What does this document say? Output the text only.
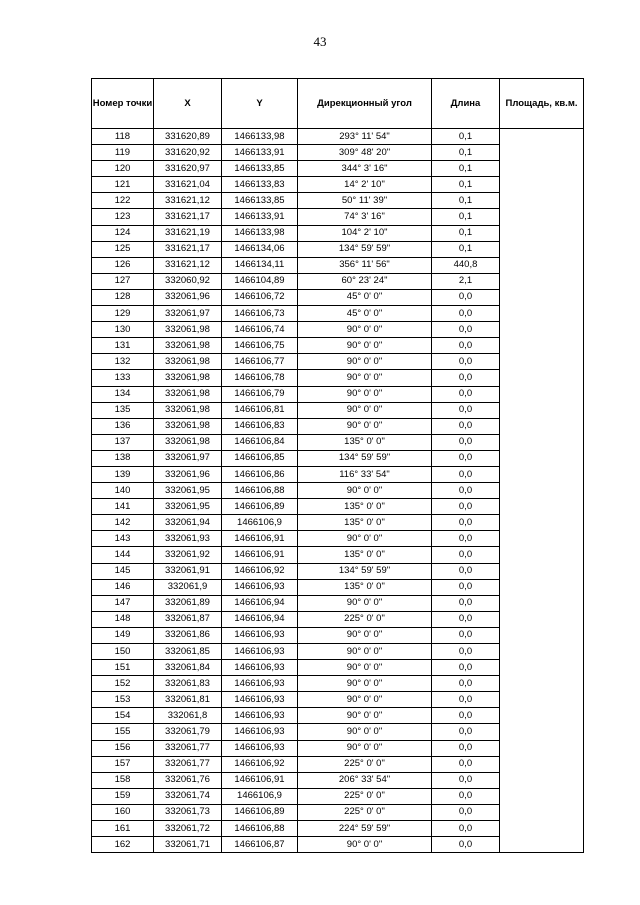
43
Номер точки	X	Y	Дирекционный угол	Длина	Площадь, кв.м.
118	331620,89	1466133,98	293° 11' 54"	0,1	
119	331620,92	1466133,91	309° 48' 20"	0,1	
120	331620,97	1466133,85	344° 3' 16"	0,1	
121	331621,04	1466133,83	14° 2' 10"	0,1	
122	331621,12	1466133,85	50° 11' 39"	0,1	
123	331621,17	1466133,91	74° 3' 16"	0,1	
124	331621,19	1466133,98	104° 2' 10"	0,1	
125	331621,17	1466134,06	134° 59' 59"	0,1	
126	331621,12	1466134,11	356° 11' 56"	440,8	
127	332060,92	1466104,89	60° 23' 24"	2,1	
128	332061,96	1466106,72	45° 0' 0"	0,0	
129	332061,97	1466106,73	45° 0' 0"	0,0	
130	332061,98	1466106,74	90° 0' 0"	0,0	
131	332061,98	1466106,75	90° 0' 0"	0,0	
132	332061,98	1466106,77	90° 0' 0"	0,0	
133	332061,98	1466106,78	90° 0' 0"	0,0	
134	332061,98	1466106,79	90° 0' 0"	0,0	
135	332061,98	1466106,81	90° 0' 0"	0,0	
136	332061,98	1466106,83	90° 0' 0"	0,0	
137	332061,98	1466106,84	135° 0' 0"	0,0	
138	332061,97	1466106,85	134° 59' 59"	0,0	
139	332061,96	1466106,86	116° 33' 54"	0,0	
140	332061,95	1466106,88	90° 0' 0"	0,0	
141	332061,95	1466106,89	135° 0' 0"	0,0	
142	332061,94	1466106,9	135° 0' 0"	0,0	
143	332061,93	1466106,91	90° 0' 0"	0,0	
144	332061,92	1466106,91	135° 0' 0"	0,0	
145	332061,91	1466106,92	134° 59' 59"	0,0	
146	332061,9	1466106,93	135° 0' 0"	0,0	
147	332061,89	1466106,94	90° 0' 0"	0,0	
148	332061,87	1466106,94	225° 0' 0"	0,0	
149	332061,86	1466106,93	90° 0' 0"	0,0	
150	332061,85	1466106,93	90° 0' 0"	0,0	
151	332061,84	1466106,93	90° 0' 0"	0,0	
152	332061,83	1466106,93	90° 0' 0"	0,0	
153	332061,81	1466106,93	90° 0' 0"	0,0	
154	332061,8	1466106,93	90° 0' 0"	0,0	
155	332061,79	1466106,93	90° 0' 0"	0,0	
156	332061,77	1466106,93	90° 0' 0"	0,0	
157	332061,77	1466106,92	225° 0' 0"	0,0	
158	332061,76	1466106,91	206° 33' 54"	0,0	
159	332061,74	1466106,9	225° 0' 0"	0,0	
160	332061,73	1466106,89	225° 0' 0"	0,0	
161	332061,72	1466106,88	224° 59' 59"	0,0	
162	332061,71	1466106,87	90° 0' 0"	0,0	
